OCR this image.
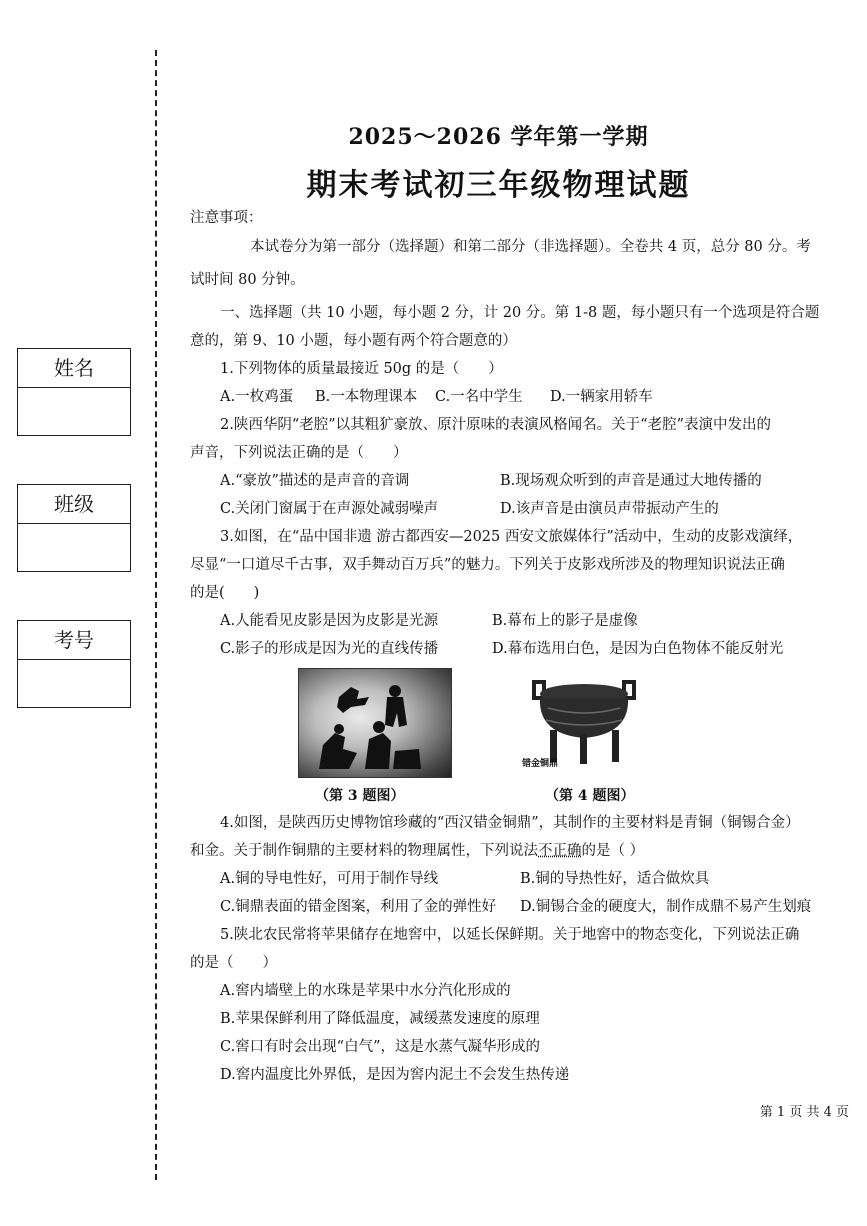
姓名
班级
考号
2025～2026 学年第一学期
期末考试初三年级物理试题
注意事项：
本试卷分为第一部分（选择题）和第二部分（非选择题）。全卷共 4 页，总分 80 分。考
试时间 80 分钟。
一、选择题（共 10 小题，每小题 2 分，计 20 分。第 1-8 题，每小题只有一个选项是符合题
意的，第 9、10 小题，每小题有两个符合题意的）
1.下列物体的质量最接近 50g 的是（　　）
A.一枚鸡蛋 B.一本物理课本 C.一名中学生 D.一辆家用轿车
2.陕西华阴“老腔”以其粗犷豪放、原汁原味的表演风格闻名。关于“老腔”表演中发出的
声音，下列说法正确的是（　　）
A.“豪放”描述的是声音的音调	B.现场观众听到的声音是通过大地传播的
C.关闭门窗属于在声源处减弱噪声	D.该声音是由演员声带振动产生的
3.如图，在“品中国非遗 游古都西安—2025 西安文旅媒体行”活动中，生动的皮影戏演绎，
尽显“一口道尽千古事，双手舞动百万兵”的魅力。下列关于皮影戏所涉及的物理知识说法正确
的是(　　)
A.人能看见皮影是因为皮影是光源	B.幕布上的影子是虚像
C.影子的形成是因为光的直线传播	D.幕布选用白色，是因为白色物体不能反射光
错金铜鼎
（第 3 题图）	（第 4 题图）
4.如图，是陕西历史博物馆珍藏的“西汉错金铜鼎”，其制作的主要材料是青铜（铜锡合金）
和金。关于制作铜鼎的主要材料的物理属性，下列说法不正确的是（ ）
A.铜的导电性好，可用于制作导线	B.铜的导热性好，适合做炊具
C.铜鼎表面的错金图案，利用了金的弹性好 D.铜锡合金的硬度大，制作成鼎不易产生划痕
5.陕北农民常将苹果储存在地窖中，以延长保鲜期。关于地窖中的物态变化，下列说法正确
的是（　　）
A.窖内墙壁上的水珠是苹果中水分汽化形成的
B.苹果保鲜利用了降低温度，减缓蒸发速度的原理
C.窖口有时会出现“白气”，这是水蒸气凝华形成的
D.窖内温度比外界低，是因为窖内泥土不会发生热传递
第 1 页 共 4 页
